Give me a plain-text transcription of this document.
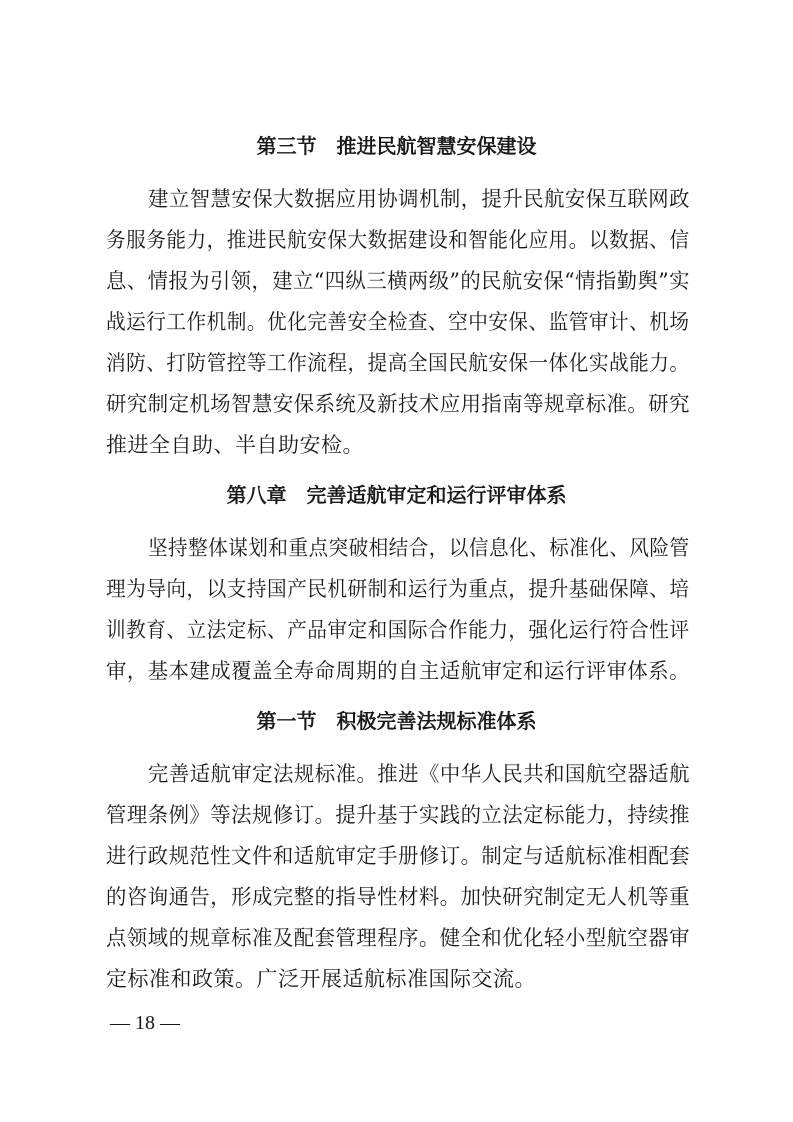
第三节　推进民航智慧安保建设
建立智慧安保大数据应用协调机制，提升民航安保互联网政
务服务能力，推进民航安保大数据建设和智能化应用。以数据、信
息、情报为引领，建立“四纵三横两级”的民航安保“情指勤舆”实
战运行工作机制。优化完善安全检查、空中安保、监管审计、机场
消防、打防管控等工作流程，提高全国民航安保一体化实战能力。
研究制定机场智慧安保系统及新技术应用指南等规章标准。研究
推进全自助、半自助安检。
第八章　完善适航审定和运行评审体系
坚持整体谋划和重点突破相结合，以信息化、标准化、风险管
理为导向，以支持国产民机研制和运行为重点，提升基础保障、培
训教育、立法定标、产品审定和国际合作能力，强化运行符合性评
审，基本建成覆盖全寿命周期的自主适航审定和运行评审体系。
第一节　积极完善法规标准体系
完善适航审定法规标准。推进《中华人民共和国航空器适航
管理条例》等法规修订。提升基于实践的立法定标能力，持续推
进行政规范性文件和适航审定手册修订。制定与适航标准相配套
的咨询通告，形成完整的指导性材料。加快研究制定无人机等重
点领域的规章标准及配套管理程序。健全和优化轻小型航空器审
定标准和政策。广泛开展适航标准国际交流。
— 18 —
